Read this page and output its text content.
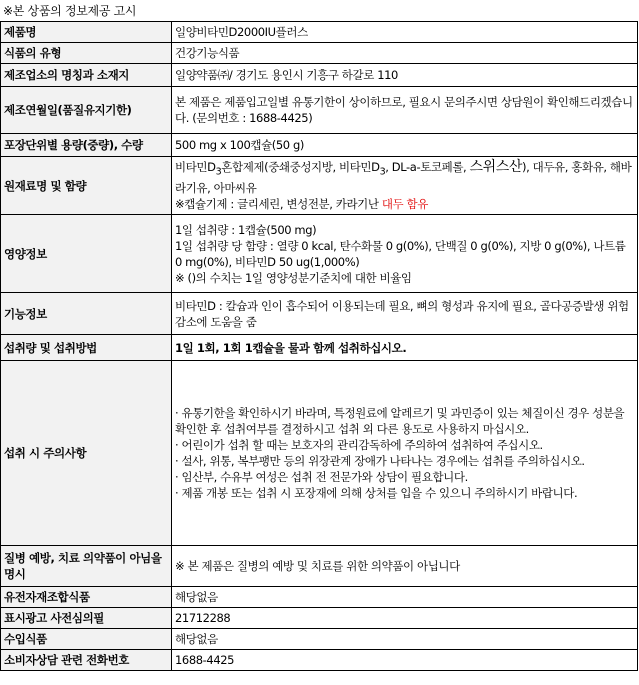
※본 상품의 정보제공 고시
제품명	일양비타민D2000IU플러스
식품의 유형	건강기능식품
제조업소의 명칭과 소재지	일양약품㈜/ 경기도 용인시 기흥구 하갈로 110
제조연월일(품질유지기한)	본 제품은 제품입고일별 유통기한이 상이하므로, 필요시 문의주시면 상담원이 확인해드리겠습니다. (문의번호 : 1688-4425)
포장단위별 용량(중량), 수량	500 mg x 100캡슐(50 g)
원재료명 및 함량	비타민$D_3$혼합제제(중쇄중성지방, 비타민$D_3$, DL-a-토코페롤, 스위스산), 대두유, 홍화유, 해바라기유, 아마씨유
※캡슐기제 : 글리세린, 변성전분, 카라기난 대두 함유

영양정보	1일 섭취량 : 1캡슐(500 mg)
1일 섭취량 당 함량 : 열량 0 kcal, 탄수화물 0 g(0%), 단백질 0 g(0%), 지방 0 g(0%), 나트륨 0 mg(0%), 비타민D 50 ug(1,000%)
※ ()의 수치는 1일 영양성분기준치에 대한 비율임
기능정보	비타민D : 칼슘과 인이 흡수되어 이용되는데 필요, 뼈의 형성과 유지에 필요, 골다공증발생 위험 감소에 도움을 줌
섭취량 및 섭취방법	1일 1회, 1회 1캡슐을 물과 함께 섭취하십시오.
섭취 시 주의사항	· 유통기한을 확인하시기 바라며, 특정원료에 알레르기 및 과민증이 있는 체질이신 경우 성분을 확인한 후 섭취여부를 결정하시고 섭취 외 다른 용도로 사용하지 마십시오.
· 어린이가 섭취 할 때는 보호자의 관리감독하에 주의하여 섭취하여 주십시오.
· 설사, 위통, 복부팽만 등의 위장관계 장애가 나타나는 경우에는 섭취를 주의하십시오.
· 임산부, 수유부 여성은 섭취 전 전문가와 상담이 필요합니다.
· 제품 개봉 또는 섭취 시 포장재에 의해 상처를 입을 수 있으니 주의하시기 바랍니다.
질병 예방, 치료 의약품이 아님을 명시	※ 본 제품은 질병의 예방 및 치료를 위한 의약품이 아닙니다
유전자재조합식품	해당없음
표시광고 사전심의필	21712288
수입식품	해당없음
소비자상담 관련 전화번호	1688-4425
